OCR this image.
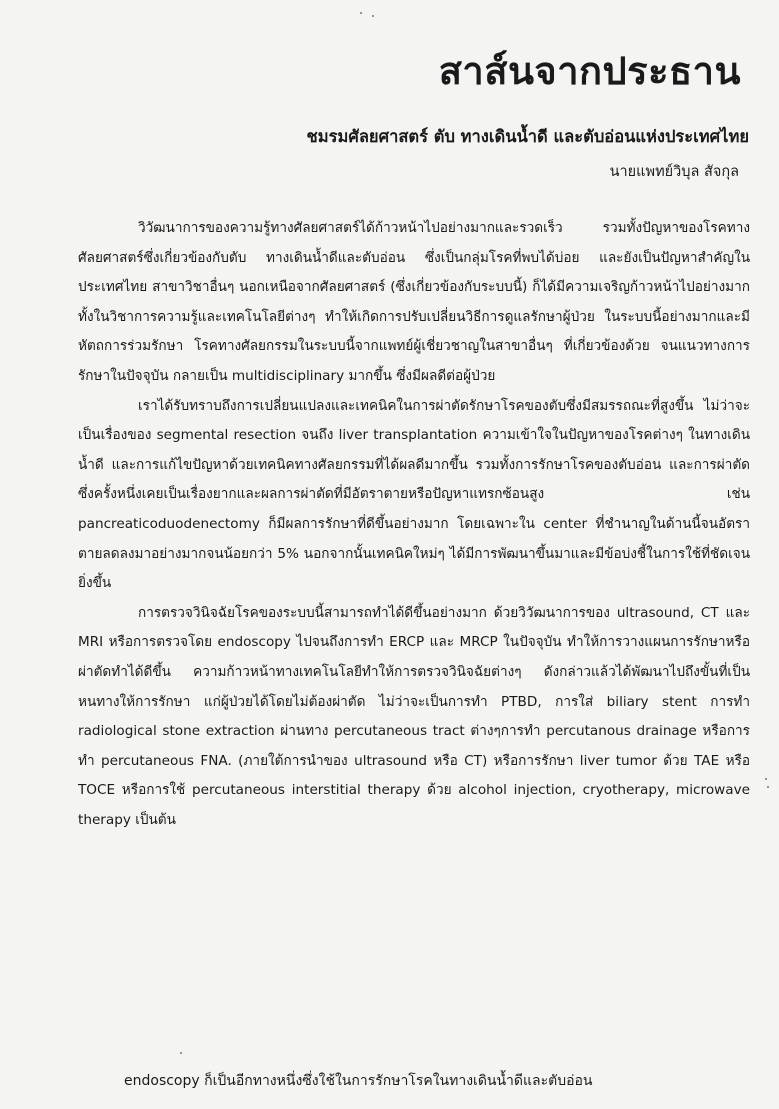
สาส์นจากประธาน

ชมรมศัลยศาสตร์ ตับ ทางเดินน้ำดี และตับอ่อนแห่งประเทศไทย

นายแพทย์วิบุล สัจกุล

วิวัฒนาการของความรู้ทางศัลยศาสตร์ได้ก้าวหน้าไปอย่างมากและรวดเร็ว รวมทั้งปัญหาของโรคทางศัลยศาสตร์ซึ่งเกี่ยวข้องกับตับ ทางเดินน้ำดีและตับอ่อน ซึ่งเป็นกลุ่มโรคที่พบได้บ่อย และยังเป็นปัญหาสำคัญในประเทศไทย สาขาวิชาอื่นๆ นอกเหนือจากศัลยศาสตร์ (ซึ่งเกี่ยวข้องกับระบบนี้) ก็ได้มีความเจริญก้าวหน้าไปอย่างมากทั้งในวิชาการความรู้และเทคโนโลยีต่างๆ ทำให้เกิดการปรับเปลี่ยนวิธีการดูแลรักษาผู้ป่วย ในระบบนี้อย่างมากและมีหัตถการร่วมรักษา โรคทางศัลยกรรมในระบบนี้จากแพทย์ผู้เชี่ยวชาญในสาขาอื่นๆ ที่เกี่ยวข้องด้วย จนแนวทางการรักษาในปัจจุบัน กลายเป็น multidisciplinary มากขึ้น ซึ่งมีผลดีต่อผู้ป่วย

เราได้รับทราบถึงการเปลี่ยนแปลงและเทคนิคในการผ่าตัดรักษาโรคของตับซึ่งมีสมรรถณะที่สูงขึ้น ไม่ว่าจะเป็นเรื่องของ segmental resection จนถึง liver transplantation ความเข้าใจในปัญหาของโรคต่างๆ ในทางเดินน้ำดี และการแก้ไขปัญหาด้วยเทคนิคทางศัลยกรรมที่ได้ผลดีมากขึ้น รวมทั้งการรักษาโรคของตับอ่อน และการผ่าตัด ซึ่งครั้งหนึ่งเคยเป็นเรื่องยากและผลการผ่าตัดที่มีอัตราตายหรือปัญหาแทรกซ้อนสูง เช่น pancreaticoduodenectomy ก็มีผลการรักษาที่ดีขึ้นอย่างมาก โดยเฉพาะใน center ที่ชำนาญในด้านนี้จนอัตราตายลดลงมาอย่างมากจนน้อยกว่า 5% นอกจากนั้นเทคนิคใหม่ๆ ได้มีการพัฒนาขึ้นมาและมีข้อบ่งชี้ในการใช้ที่ชัดเจนยิ่งขึ้น

การตรวจวินิจฉัยโรคของระบบนี้สามารถทำได้ดีขึ้นอย่างมาก ด้วยวิวัฒนาการของ ultrasound, CT และ MRI หรือการตรวจโดย endoscopy ไปจนถึงการทำ ERCP และ MRCP ในปัจจุบัน ทำให้การวางแผนการรักษาหรือผ่าตัดทำได้ดีขึ้น ความก้าวหน้าทางเทคโนโลยีทำให้การตรวจวินิจฉัยต่างๆ ดังกล่าวแล้วได้พัฒนาไปถึงขั้นที่เป็นหนทางให้การรักษา แก่ผู้ป่วยได้โดยไม่ต้องผ่าตัด ไม่ว่าจะเป็นการทำ PTBD, การใส่ biliary stent การทำ radiological stone extraction ผ่านทาง percutaneous tract ต่างๆการทำ percutanous drainage หรือการทำ percutaneous FNA. (ภายใต้การนำของ ultrasound หรือ CT) หรือการรักษา liver tumor ด้วย TAE หรือ TOCE หรือการใช้ percutaneous interstitial therapy ด้วย alcohol injection, cryotherapy, microwave therapy เป็นต้น

endoscopy ก็เป็นอีกทางหนึ่งซึ่งใช้ในการรักษาโรคในทางเดินน้ำดีและตับอ่อน
